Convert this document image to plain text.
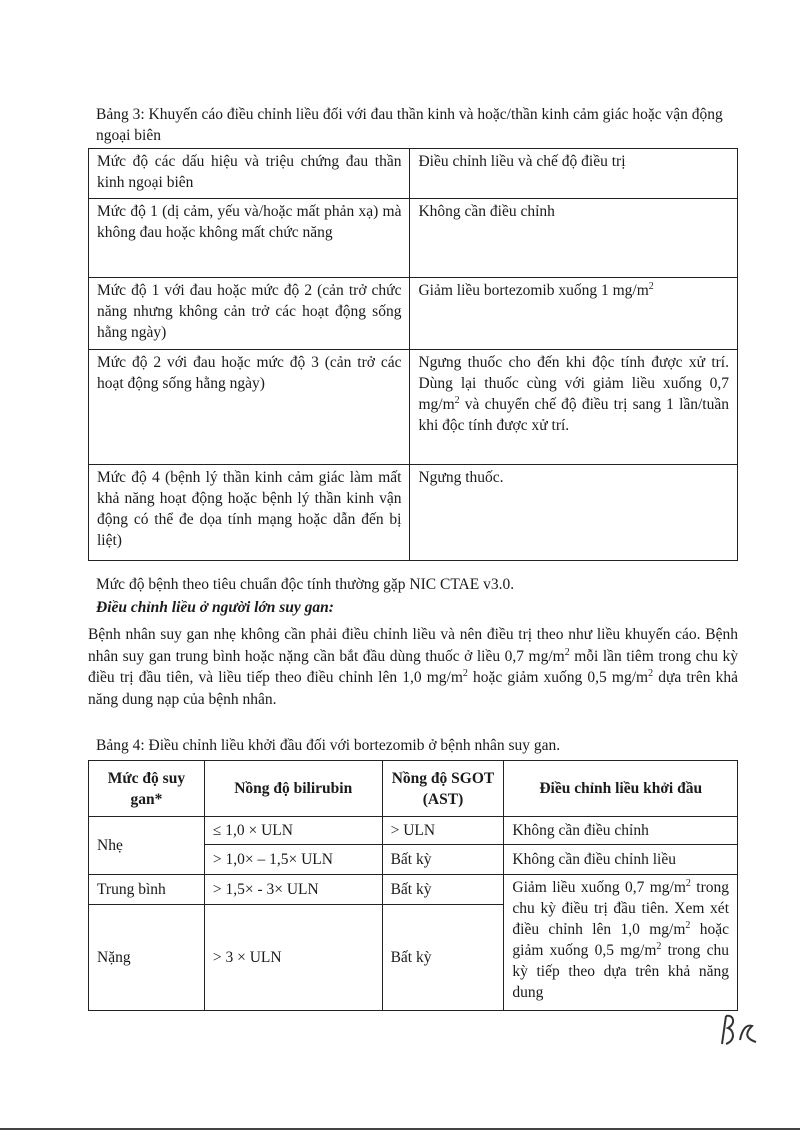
Bảng 3: Khuyến cáo điều chỉnh liều đối với đau thần kinh và hoặc/thần kinh cảm giác hoặc vận động ngoại biên
Mức độ các dấu hiệu và triệu chứng đau thần kinh ngoại biên	Điều chỉnh liều và chế độ điều trị
Mức độ 1 (dị cảm, yếu và/hoặc mất phản xạ) mà không đau hoặc không mất chức năng	Không cần điều chỉnh
Mức độ 1 với đau hoặc mức độ 2 (cản trở chức năng nhưng không cản trở các hoạt động sống hằng ngày)	Giảm liều bortezomib xuống 1 $mg/m^2$
Mức độ 2 với đau hoặc mức độ 3 (cản trở các hoạt động sống hằng ngày)	Ngưng thuốc cho đến khi độc tính được xử trí. Dùng lại thuốc cùng với giảm liều xuống 0,7 $mg/m^2$ và chuyển chế độ điều trị sang 1 lần/tuần khi độc tính được xử trí.
Mức độ 4 (bệnh lý thần kinh cảm giác làm mất khả năng hoạt động hoặc bệnh lý thần kinh vận động có thể đe dọa tính mạng hoặc dẫn đến bị liệt)	Ngưng thuốc.
Mức độ bệnh theo tiêu chuẩn độc tính thường gặp NIC CTAE v3.0.
Điều chỉnh liều ở người lớn suy gan:
Bệnh nhân suy gan nhẹ không cần phải điều chỉnh liều và nên điều trị theo như liều khuyến cáo. Bệnh nhân suy gan trung bình hoặc nặng cần bắt đầu dùng thuốc ở liều 0,7 $mg/m^2$ mỗi lần tiêm trong chu kỳ điều trị đầu tiên, và liều tiếp theo điều chỉnh lên 1,0 $mg/m^2$ hoặc giảm xuống 0,5 $mg/m^2$ dựa trên khả năng dung nạp của bệnh nhân.
Bảng 4: Điều chỉnh liều khởi đầu đối với bortezomib ở bệnh nhân suy gan.
Mức độ suy gan*	Nồng độ bilirubin	Nồng độ SGOT (AST)	Điều chỉnh liều khởi đầu
Nhẹ	≤ 1,0 × ULN	> ULN	Không cần điều chỉnh
	> 1,0× – 1,5× ULN	Bất kỳ	Không cần điều chỉnh liều
Trung bình	> 1,5× - 3× ULN	Bất kỳ	Giảm liều xuống 0,7 $mg/m^2$ trong chu kỳ điều trị đầu tiên. Xem xét điều chỉnh lên 1,0 $mg/m^2$ hoặc giảm xuống 0,5 $mg/m^2$ trong chu kỳ tiếp theo dựa trên khả năng dung
Nặng	> 3 × ULN	Bất kỳ	
